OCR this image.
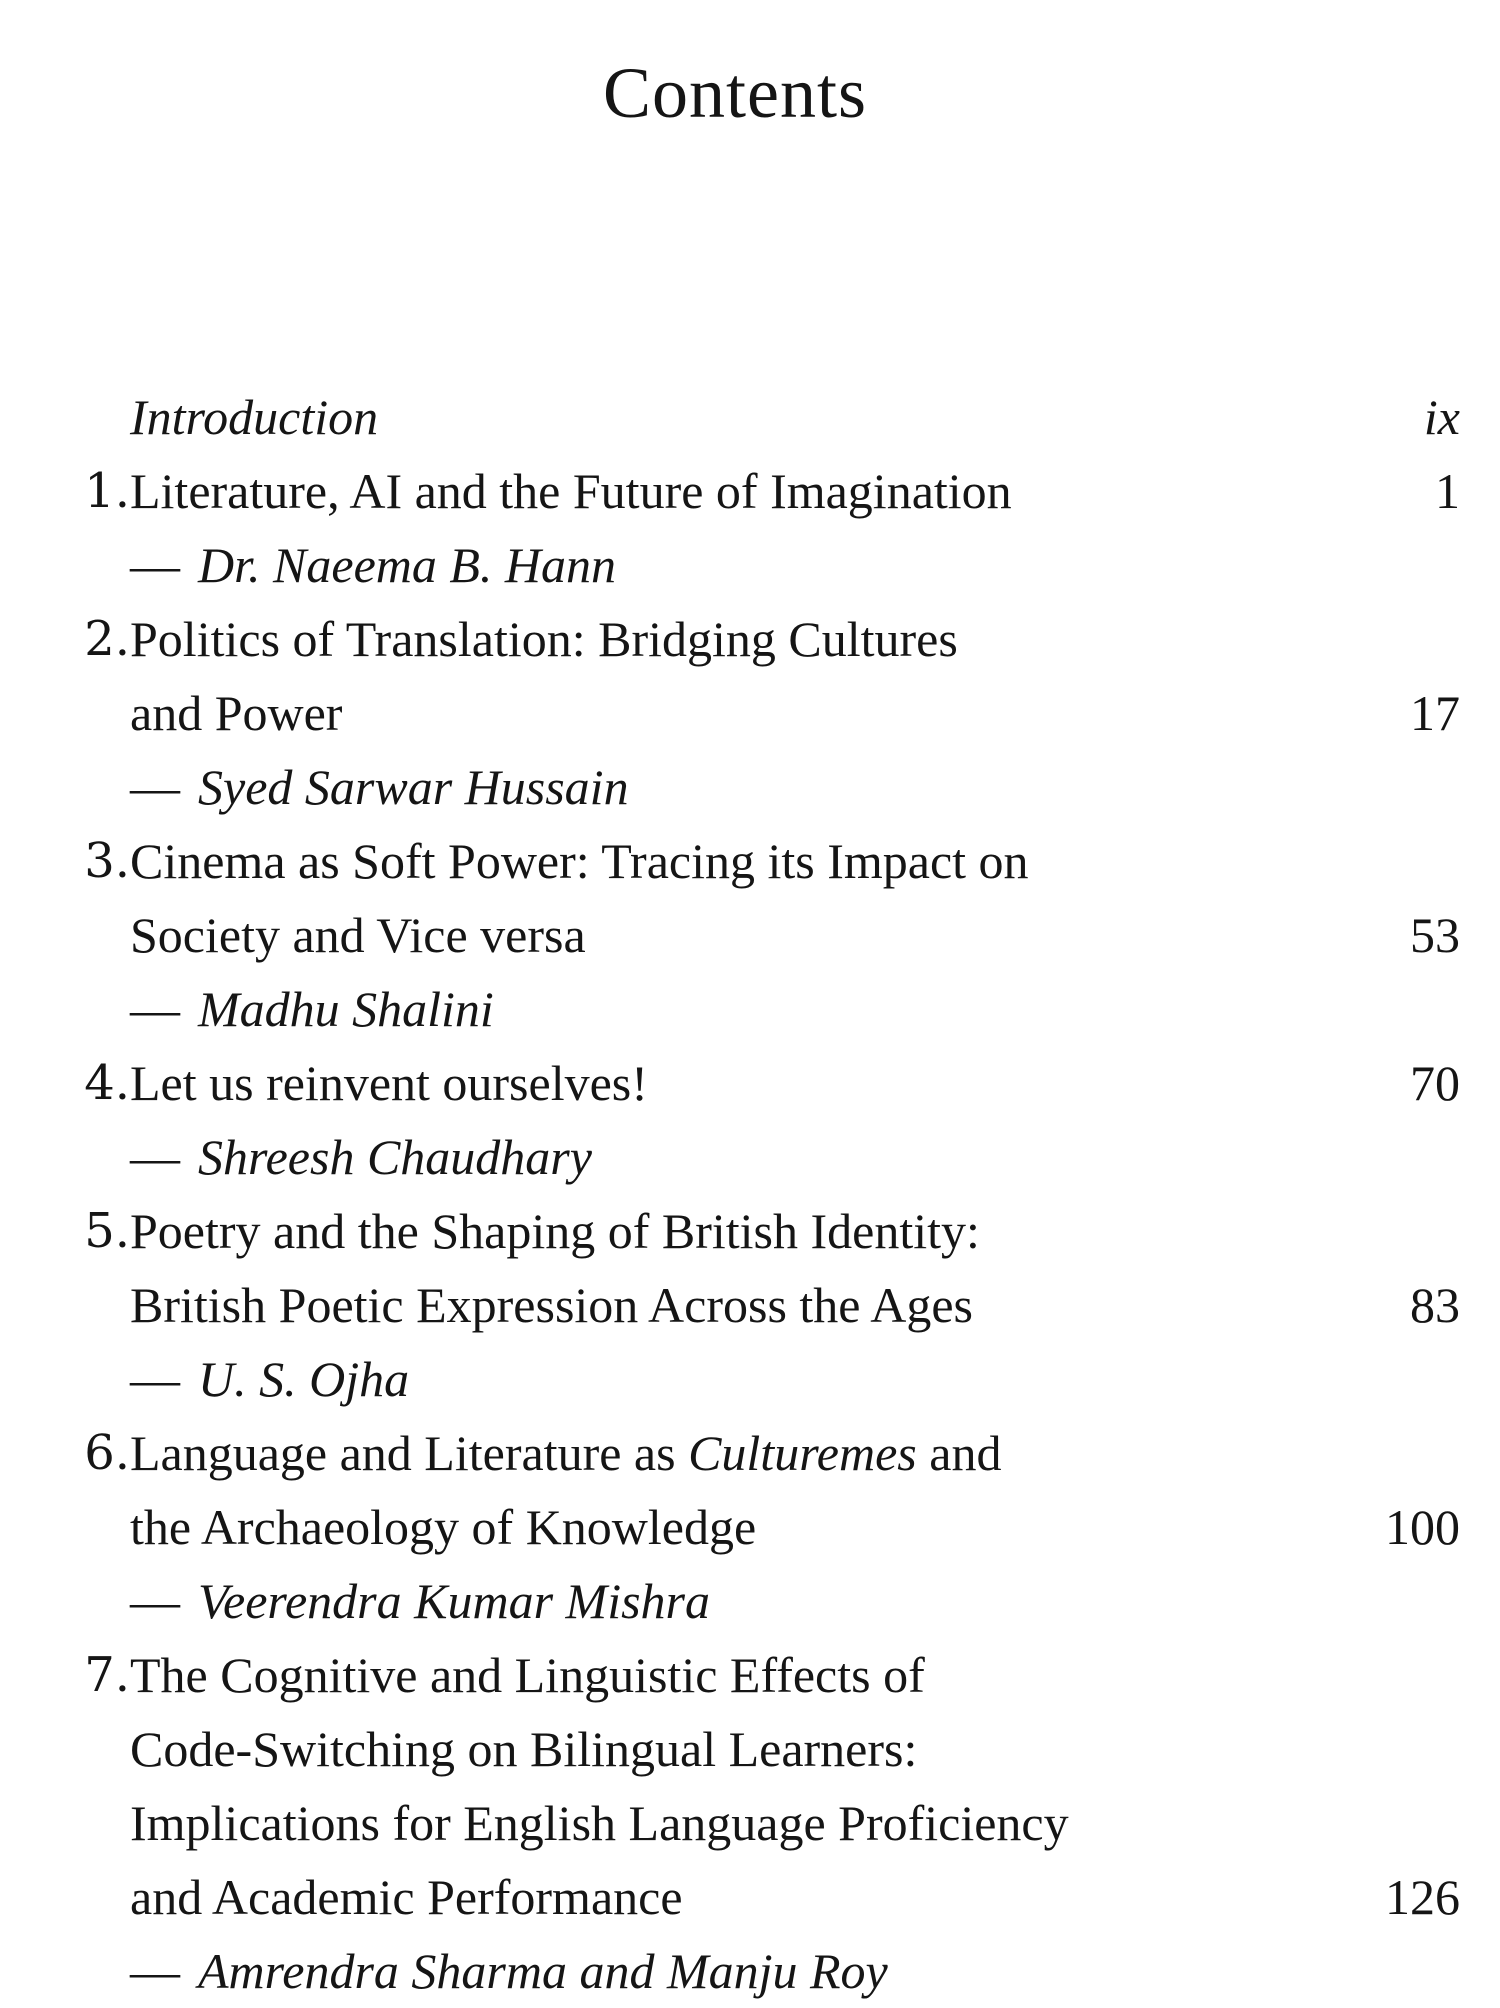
Contents
Introduction	ix
1. Literature, AI and the Future of Imagination	1
— Dr. Naeema B. Hann
2. Politics of Translation: Bridging Cultures
and Power	17
— Syed Sarwar Hussain
3. Cinema as Soft Power: Tracing its Impact on
Society and Vice versa	53
— Madhu Shalini
4. Let us reinvent ourselves!	70
— Shreesh Chaudhary
5. Poetry and the Shaping of British Identity:
British Poetic Expression Across the Ages	83
— U. S. Ojha
6. Language and Literature as Culturemes and
the Archaeology of Knowledge	100
— Veerendra Kumar Mishra
7. The Cognitive and Linguistic Effects of
Code-Switching on Bilingual Learners:
Implications for English Language Proficiency
and Academic Performance	126
— Amrendra Sharma and Manju Roy
